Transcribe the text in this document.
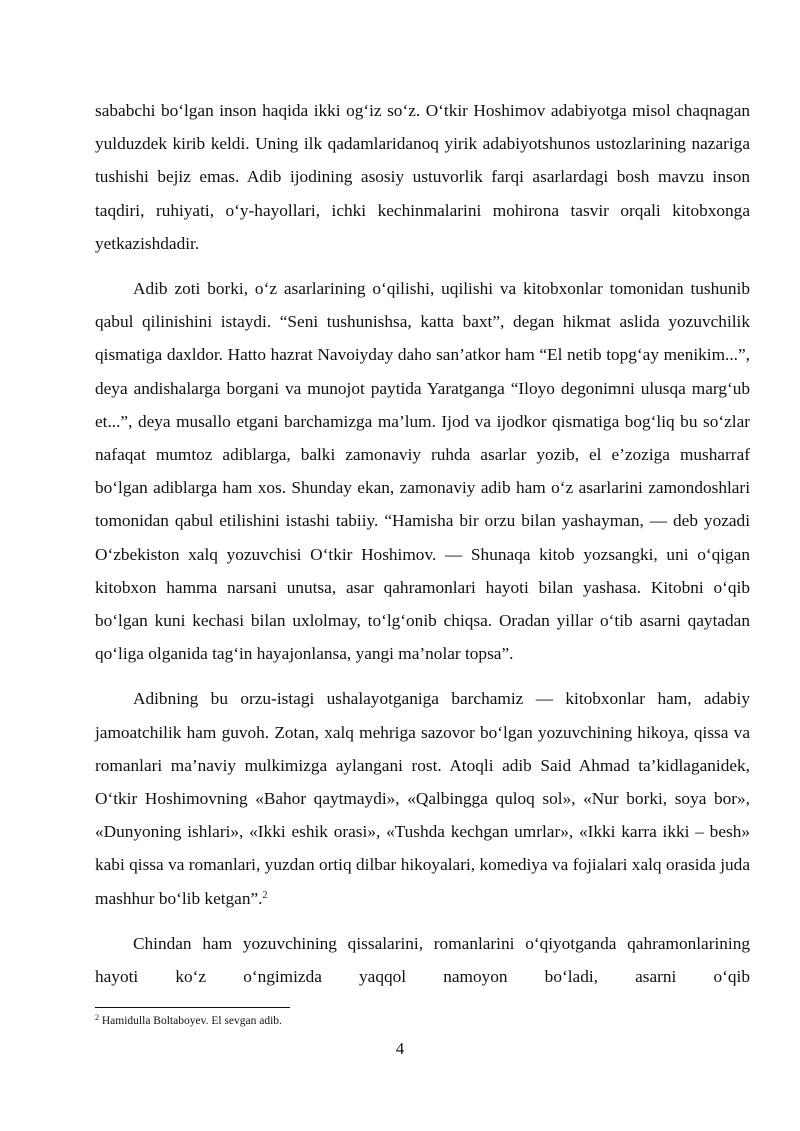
sababchi bo‘lgan inson haqida ikki og‘iz so‘z. O‘tkir Hoshimov adabiyotga misol chaqnagan yulduzdek kirib keldi. Uning ilk qadamlaridanoq yirik adabiyotshunos ustozlarining nazariga tushishi bejiz emas. Adib ijodining asosiy ustuvorlik farqi asarlardagi bosh mavzu inson taqdiri, ruhiyati, o‘y-hayollari, ichki kechinmalarini mohirona tasvir orqali kitobxonga yetkazishdadir.

Adib zoti borki, o‘z asarlarining o‘qilishi, uqilishi va kitobxonlar tomonidan tushunib qabul qilinishini istaydi. “Seni tushunishsa, katta baxt”, degan hikmat aslida yozuvchilik qismatiga daxldor. Hatto hazrat Navoiyday daho san’atkor ham “El netib topg‘ay menikim...”, deya andishalarga borgani va munojot paytida Yaratganga “Iloyo degonimni ulusqa marg‘ub et...”, deya musallo etgani barchamizga ma’lum. Ijod va ijodkor qismatiga bog‘liq bu so‘zlar nafaqat mumtoz adiblarga, balki zamonaviy ruhda asarlar yozib, el e’zoziga musharraf bo‘lgan adiblarga ham xos. Shunday ekan, zamonaviy adib ham o‘z asarlarini zamondoshlari tomonidan qabul etilishini istashi tabiiy. “Hamisha bir orzu bilan yashayman, — deb yozadi O‘zbekiston xalq yozuvchisi O‘tkir Hoshimov. — Shunaqa kitob yozsangki, uni o‘qigan kitobxon hamma narsani unutsa, asar qahramonlari hayoti bilan yashasa. Kitobni o‘qib bo‘lgan kuni kechasi bilan uxlolmay, to‘lg‘onib chiqsa. Oradan yillar o‘tib asarni qaytadan qo‘liga olganida tag‘in hayajonlansa, yangi ma’nolar topsa”.

Adibning bu orzu-istagi ushalayotganiga barchamiz — kitobxonlar ham, adabiy jamoatchilik ham guvoh. Zotan, xalq mehriga sazovor bo‘lgan yozuvchining hikoya, qissa va romanlari ma’naviy mulkimizga aylangani rost. Atoqli adib Said Ahmad ta’kidlaganidek, O‘tkir Hoshimovning «Bahor qaytmaydi», «Qalbingga quloq sol», «Nur borki, soya bor», «Dunyoning ishlari», «Ikki eshik orasi», «Tushda kechgan umrlar», «Ikki karra ikki – besh» kabi qissa va romanlari, yuzdan ortiq dilbar hikoyalari, komediya va fojialari xalq orasida juda mashhur bo‘lib ketgan”.$^2$

Chindan ham yozuvchining qissalarini, romanlarini o‘qiyotganda qahramonlarining hayoti ko‘z o‘ngimizda yaqqol namoyon bo‘ladi, asarni o‘qib

$^2$ Hamidulla Boltaboyev. El sevgan adib.
4
